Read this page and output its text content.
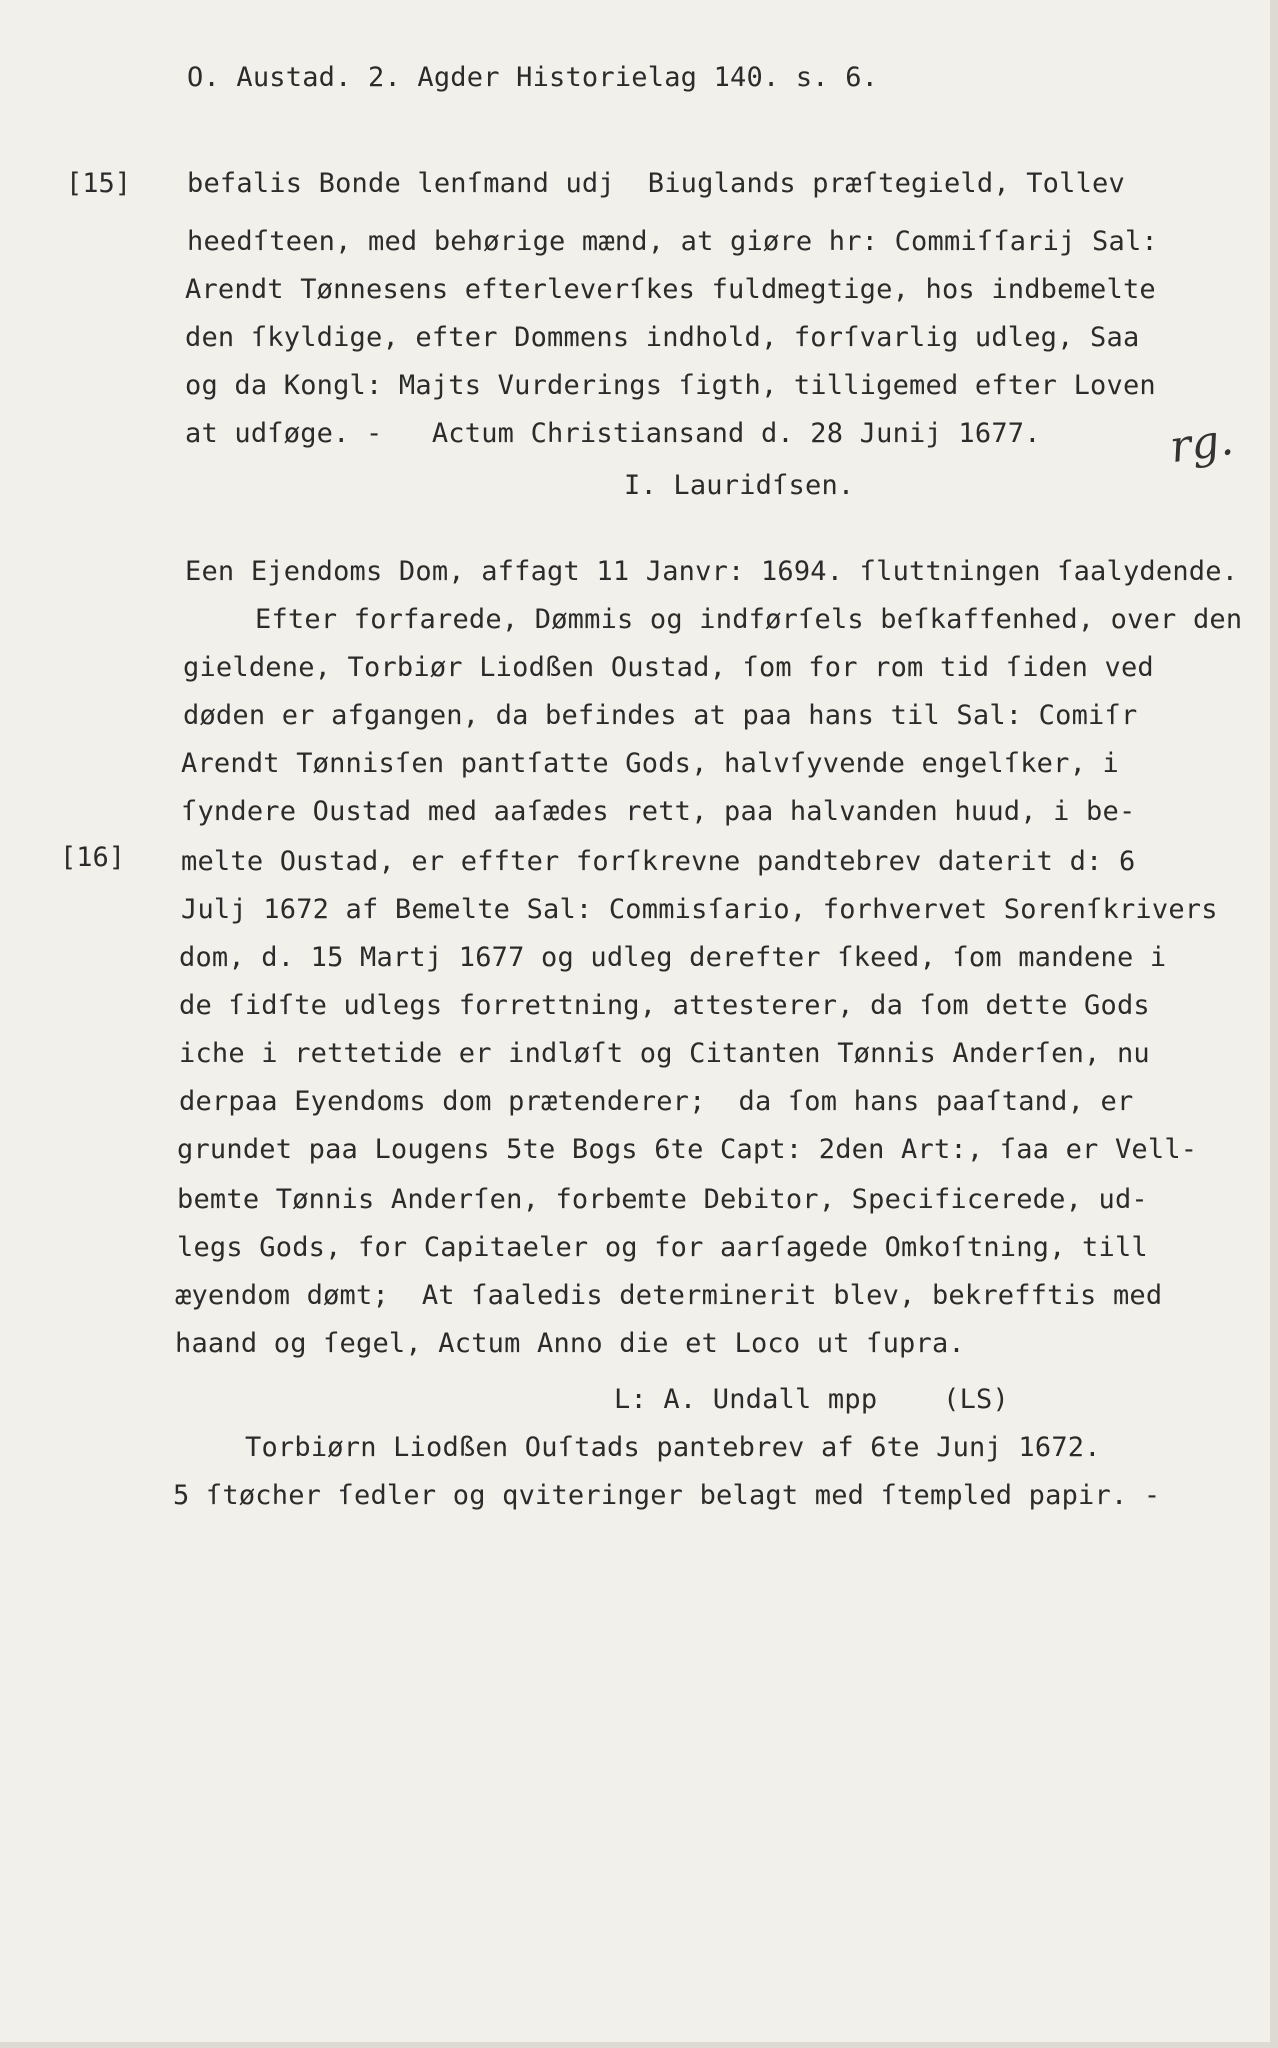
O. Austad. 2. Agder Historielag 140. s. 6.
[15]
[16]
rg.
befalis Bonde lenſmand udj  Biuglands præſtegield, Tollev
heedſteen, med behørige mænd, at giøre hr: Commiſſarij Sal:
Arendt Tønnesens efterleverſkes fuldmegtige, hos indbemelte
den ſkyldige, efter Dommens indhold, forſvarlig udleg, Saa
og da Kongl: Majts Vurderings ſigth, tilligemed efter Loven
at udſøge. -   Actum Christiansand d. 28 Junij 1677.
I. Lauridſsen.
Een Ejendoms Dom, affagt 11 Janvr: 1694. ſluttningen ſaalydende.
Efter forfarede, Dømmis og indførſels beſkaffenhed, over den
gieldene, Torbiør Liodßen Oustad, ſom for rom tid ſiden ved
døden er afgangen, da befindes at paa hans til Sal: Comiſr
Arendt Tønnisſen pantſatte Gods, halvſyvende engelſker, i
ſyndere Oustad med aaſædes rett, paa halvanden huud, i be-
melte Oustad, er effter forſkrevne pandtebrev daterit d: 6
Julj 1672 af Bemelte Sal: Commisſario, forhvervet Sorenſkrivers
dom, d. 15 Martj 1677 og udleg derefter ſkeed, ſom mandene i
de ſidſte udlegs forrettning, attesterer, da ſom dette Gods
iche i rettetide er indløſt og Citanten Tønnis Anderſen, nu
derpaa Eyendoms dom prætenderer;  da ſom hans paaſtand, er
grundet paa Lougens 5te Bogs 6te Capt: 2den Art:, ſaa er Vell-
bemte Tønnis Anderſen, forbemte Debitor, Specificerede, ud-
legs Gods, for Capitaeler og for aarſagede Omkoſtning, till
æyendom dømt;  At ſaaledis determinerit blev, bekrefftis med
haand og ſegel, Actum Anno die et Loco ut ſupra.
L: A. Undall mpp    (LS)
Torbiørn Liodßen Ouſtads pantebrev af 6te Junj 1672.
5 ſtøcher ſedler og qviteringer belagt med ſtempled papir. -
